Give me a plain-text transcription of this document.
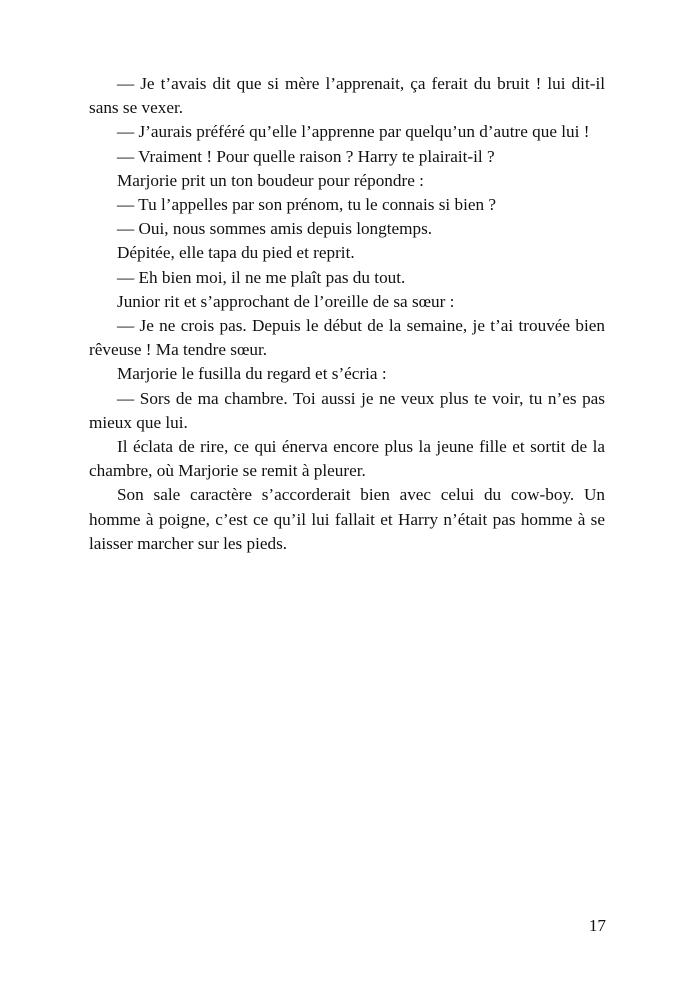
— Je t’avais dit que si mère l’apprenait, ça ferait du bruit ! lui dit-il sans se vexer.

— J’aurais préféré qu’elle l’apprenne par quelqu’un d’autre que lui !

— Vraiment ! Pour quelle raison ? Harry te plairait-il ?

Marjorie prit un ton boudeur pour répondre :

— Tu l’appelles par son prénom, tu le connais si bien ?

— Oui, nous sommes amis depuis longtemps.

Dépitée, elle tapa du pied et reprit.

— Eh bien moi, il ne me plaît pas du tout.

Junior rit et s’approchant de l’oreille de sa sœur :

— Je ne crois pas. Depuis le début de la semaine, je t’ai trouvée bien rêveuse ! Ma tendre sœur.

Marjorie le fusilla du regard et s’écria :

— Sors de ma chambre. Toi aussi je ne veux plus te voir, tu n’es pas mieux que lui.

Il éclata de rire, ce qui énerva encore plus la jeune fille et sortit de la chambre, où Marjorie se remit à pleurer.

Son sale caractère s’accorderait bien avec celui du cow-boy. Un homme à poigne, c’est ce qu’il lui fallait et Harry n’était pas homme à se laisser marcher sur les pieds.

17
